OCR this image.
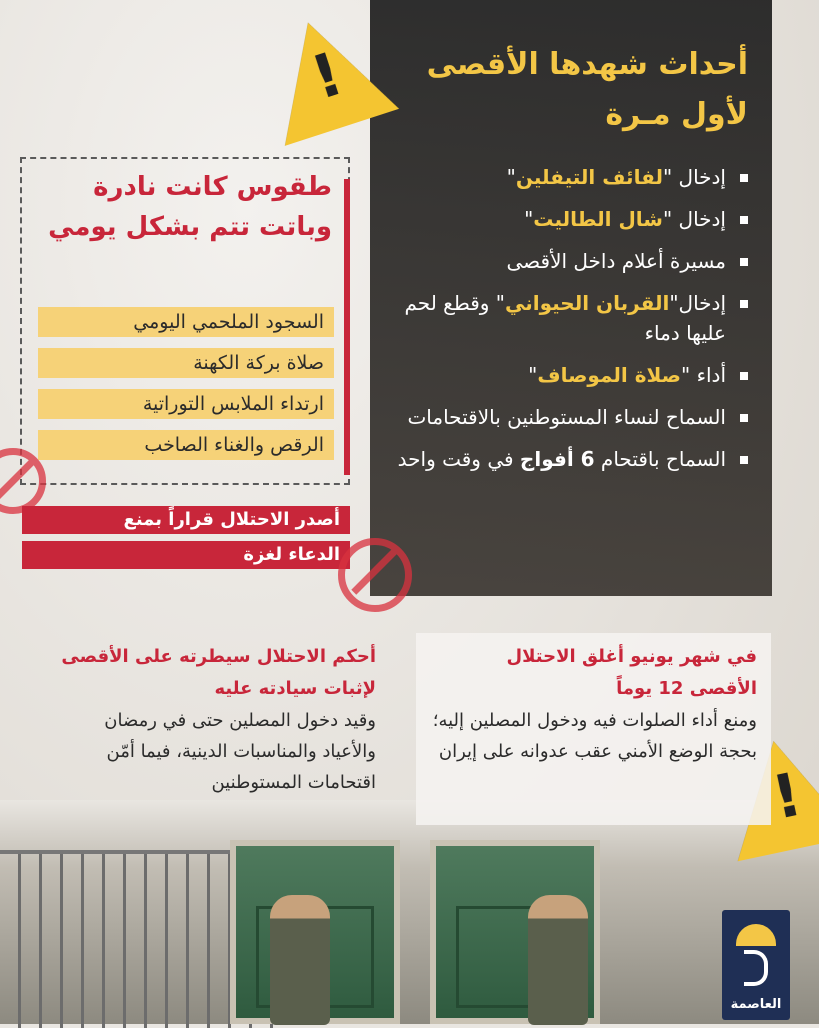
أحداث شهدها الأقصى
لأول مـرة
إدخال "لفائف التيفلين"
إدخال "شال الطاليت"
مسيرة أعلام داخل الأقصى
إدخال"القربان الحيواني" وقطع لحم عليها دماء
أداء "صلاة الموصاف"
السماح لنساء المستوطنين بالاقتحامات
السماح باقتحام 6 أفواج في وقت واحد
!
!
طقوس كانت نادرة وباتت تتم بشكل يومي
السجود الملحمي اليومي
صلاة بركة الكهنة
ارتداء الملابس التوراتية
الرقص والغناء الصاخب
أصدر الاحتلال قراراً بمنع
الدعاء لغزة
في شهر يونيو أغلق الاحتلال
الأقصى 12 يوماً
ومنع أداء الصلوات فيه ودخول المصلين إليه؛ بحجة الوضع الأمني عقب عدوانه على إيران
أحكم الاحتلال سيطرته على الأقصى لإثبات سيادته عليه
وقيد دخول المصلين حتى في رمضان والأعياد والمناسبات الدينية، فيما أمّن اقتحامات المستوطنين
العاصمة
